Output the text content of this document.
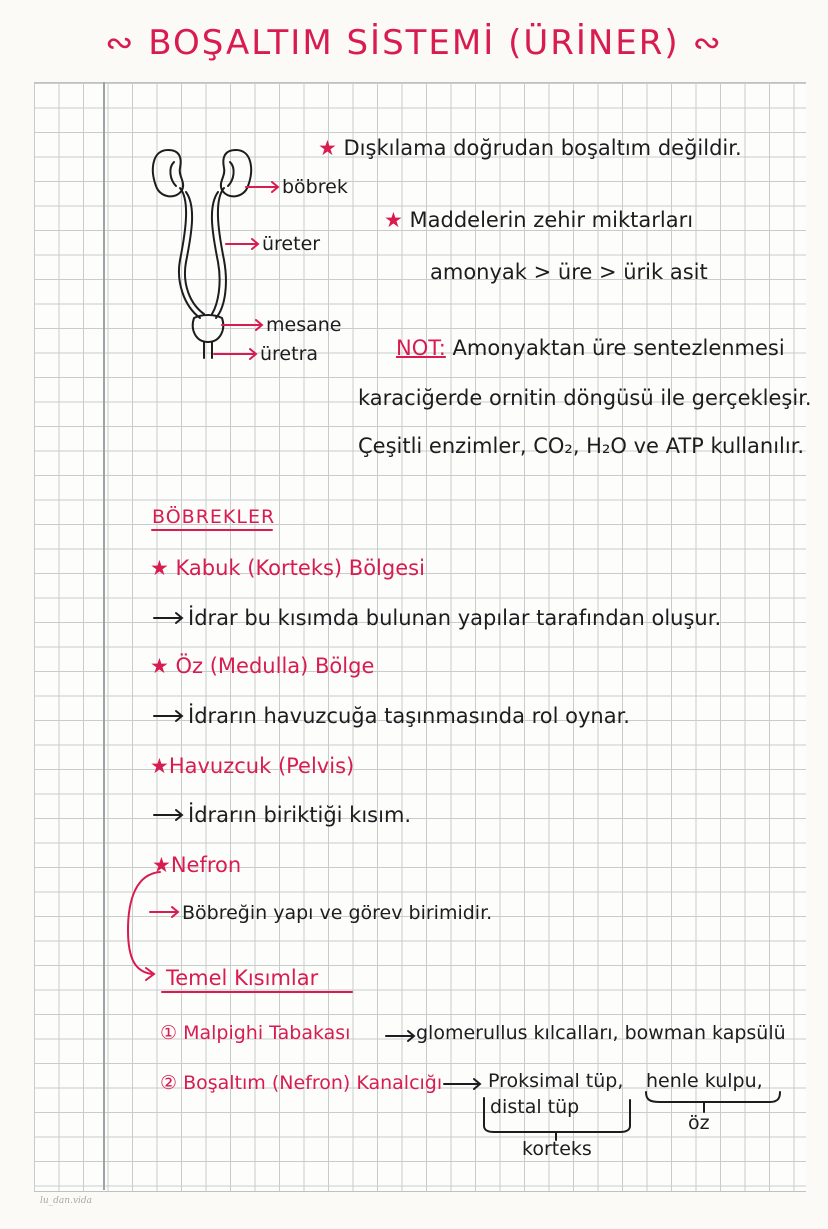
∾ BOŞALTIM SİSTEMİ (ÜRİNER) ∾
böbrek
üreter
mesane
üretra
★ Dışkılama doğrudan boşaltım değildir.
★ Maddelerin zehir miktarları
amonyak > üre > ürik asit
NOT: Amonyaktan üre sentezlenmesi
karaciğerde ornitin döngüsü ile gerçekleşir.
Çeşitli enzimler, CO₂, H₂O ve ATP kullanılır.
BÖBREKLER
★ Kabuk (Korteks) Bölgesi
İdrar bu kısımda bulunan yapılar tarafından oluşur.
★ Öz (Medulla) Bölge
İdrarın havuzcuğa taşınmasında rol oynar.
★Havuzcuk (Pelvis)
İdrarın biriktiği kısım.
★Nefron
Böbreğin yapı ve görev birimidir.
Temel Kısımlar
① Malpighi Tabakası	glomerullus kılcalları, bowman kapsülü
② Boşaltım (Nefron) Kanalcığı Proksimal tüp, henle kulpu,
distal tüp
öz
korteks
lu_dan.vida
